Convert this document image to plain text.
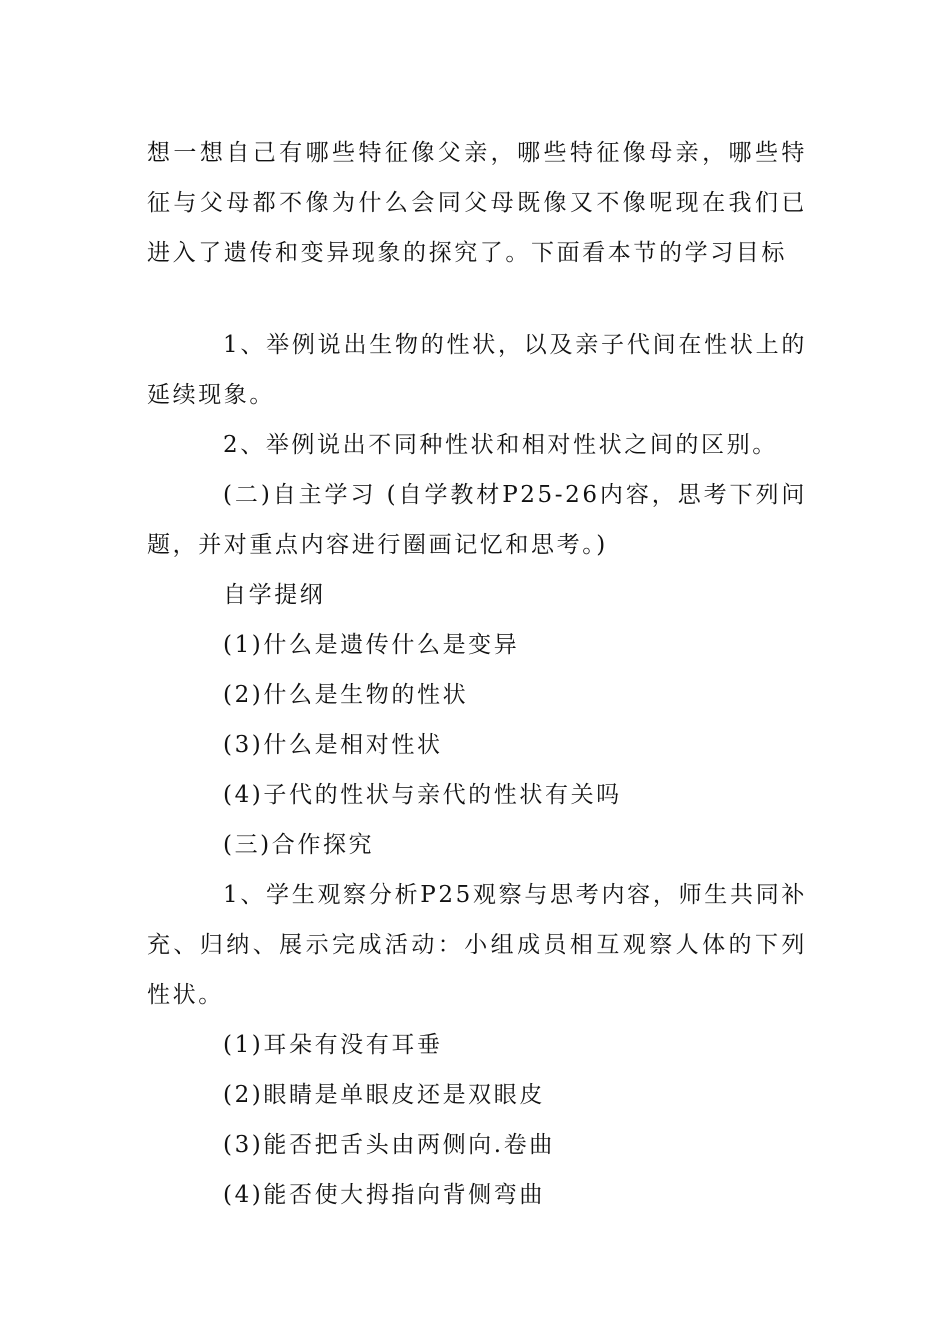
想一想自己有哪些特征像父亲，哪些特征像母亲，哪些特征与父母都不像为什么会同父母既像又不像呢现在我们已进入了遗传和变异现象的探究了。下面看本节的学习目标

1、举例说出生物的性状，以及亲子代间在性状上的延续现象。

2、举例说出不同种性状和相对性状之间的区别。

(二)自主学习 (自学教材P25-26内容，思考下列问题，并对重点内容进行圈画记忆和思考。)

自学提纲

(1)什么是遗传什么是变异

(2)什么是生物的性状

(3)什么是相对性状

(4)子代的性状与亲代的性状有关吗

(三)合作探究

1、学生观察分析P25观察与思考内容，师生共同补充、归纳、展示完成活动：小组成员相互观察人体的下列性状。

(1)耳朵有没有耳垂

(2)眼睛是单眼皮还是双眼皮

(3)能否把舌头由两侧向.卷曲

(4)能否使大拇指向背侧弯曲
